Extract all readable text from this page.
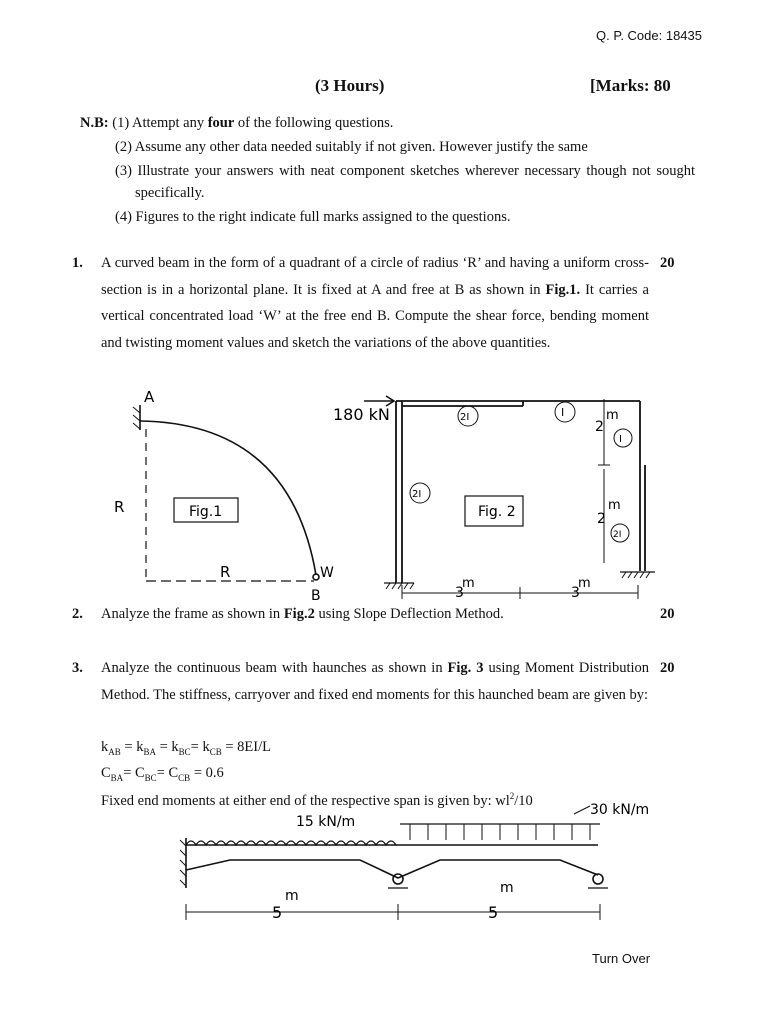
Q. P. Code: 18435
(3 Hours)	[Marks: 80
N.B: (1) Attempt any four of the following questions.
(2) Assume any other data needed suitably if not given. However justify the same
(3) Illustrate your answers with neat component sketches wherever necessary though not sought specifically.
(4) Figures to the right indicate full marks assigned to the questions.
1. A curved beam in the form of a quadrant of a circle of radius ‘R’ and having a uniform cross-section is in a horizontal plane. It is fixed at A and free at B as shown in Fig.1. It carries a vertical concentrated load ‘W’ at the free end B. Compute the shear force, bending moment and twisting moment values and sketch the variations of the above quantities.
20
A
R
R	W
B
Fig.1
180 kN	2I	I
I
2I
2I
Fig. 2
2
m
2
m
3
m
3
m
2. Analyze the frame as shown in Fig.2 using Slope Deflection Method.	20
3. Analyze the continuous beam with haunches as shown in Fig. 3 using Moment Distribution Method. The stiffness, carryover and fixed end moments for this haunched beam are given by:
20
$k_{AB} = k_{BA} = k_{BC}= k_{CB} = 8EI/L$
$C_{BA}= C_{BC}= C_{CB} = 0.6$
Fixed end moments at either end of the respective span is given by: $wl^2/10$
15 kN/m
30 kN/m
5
m
5
m
Turn Over
